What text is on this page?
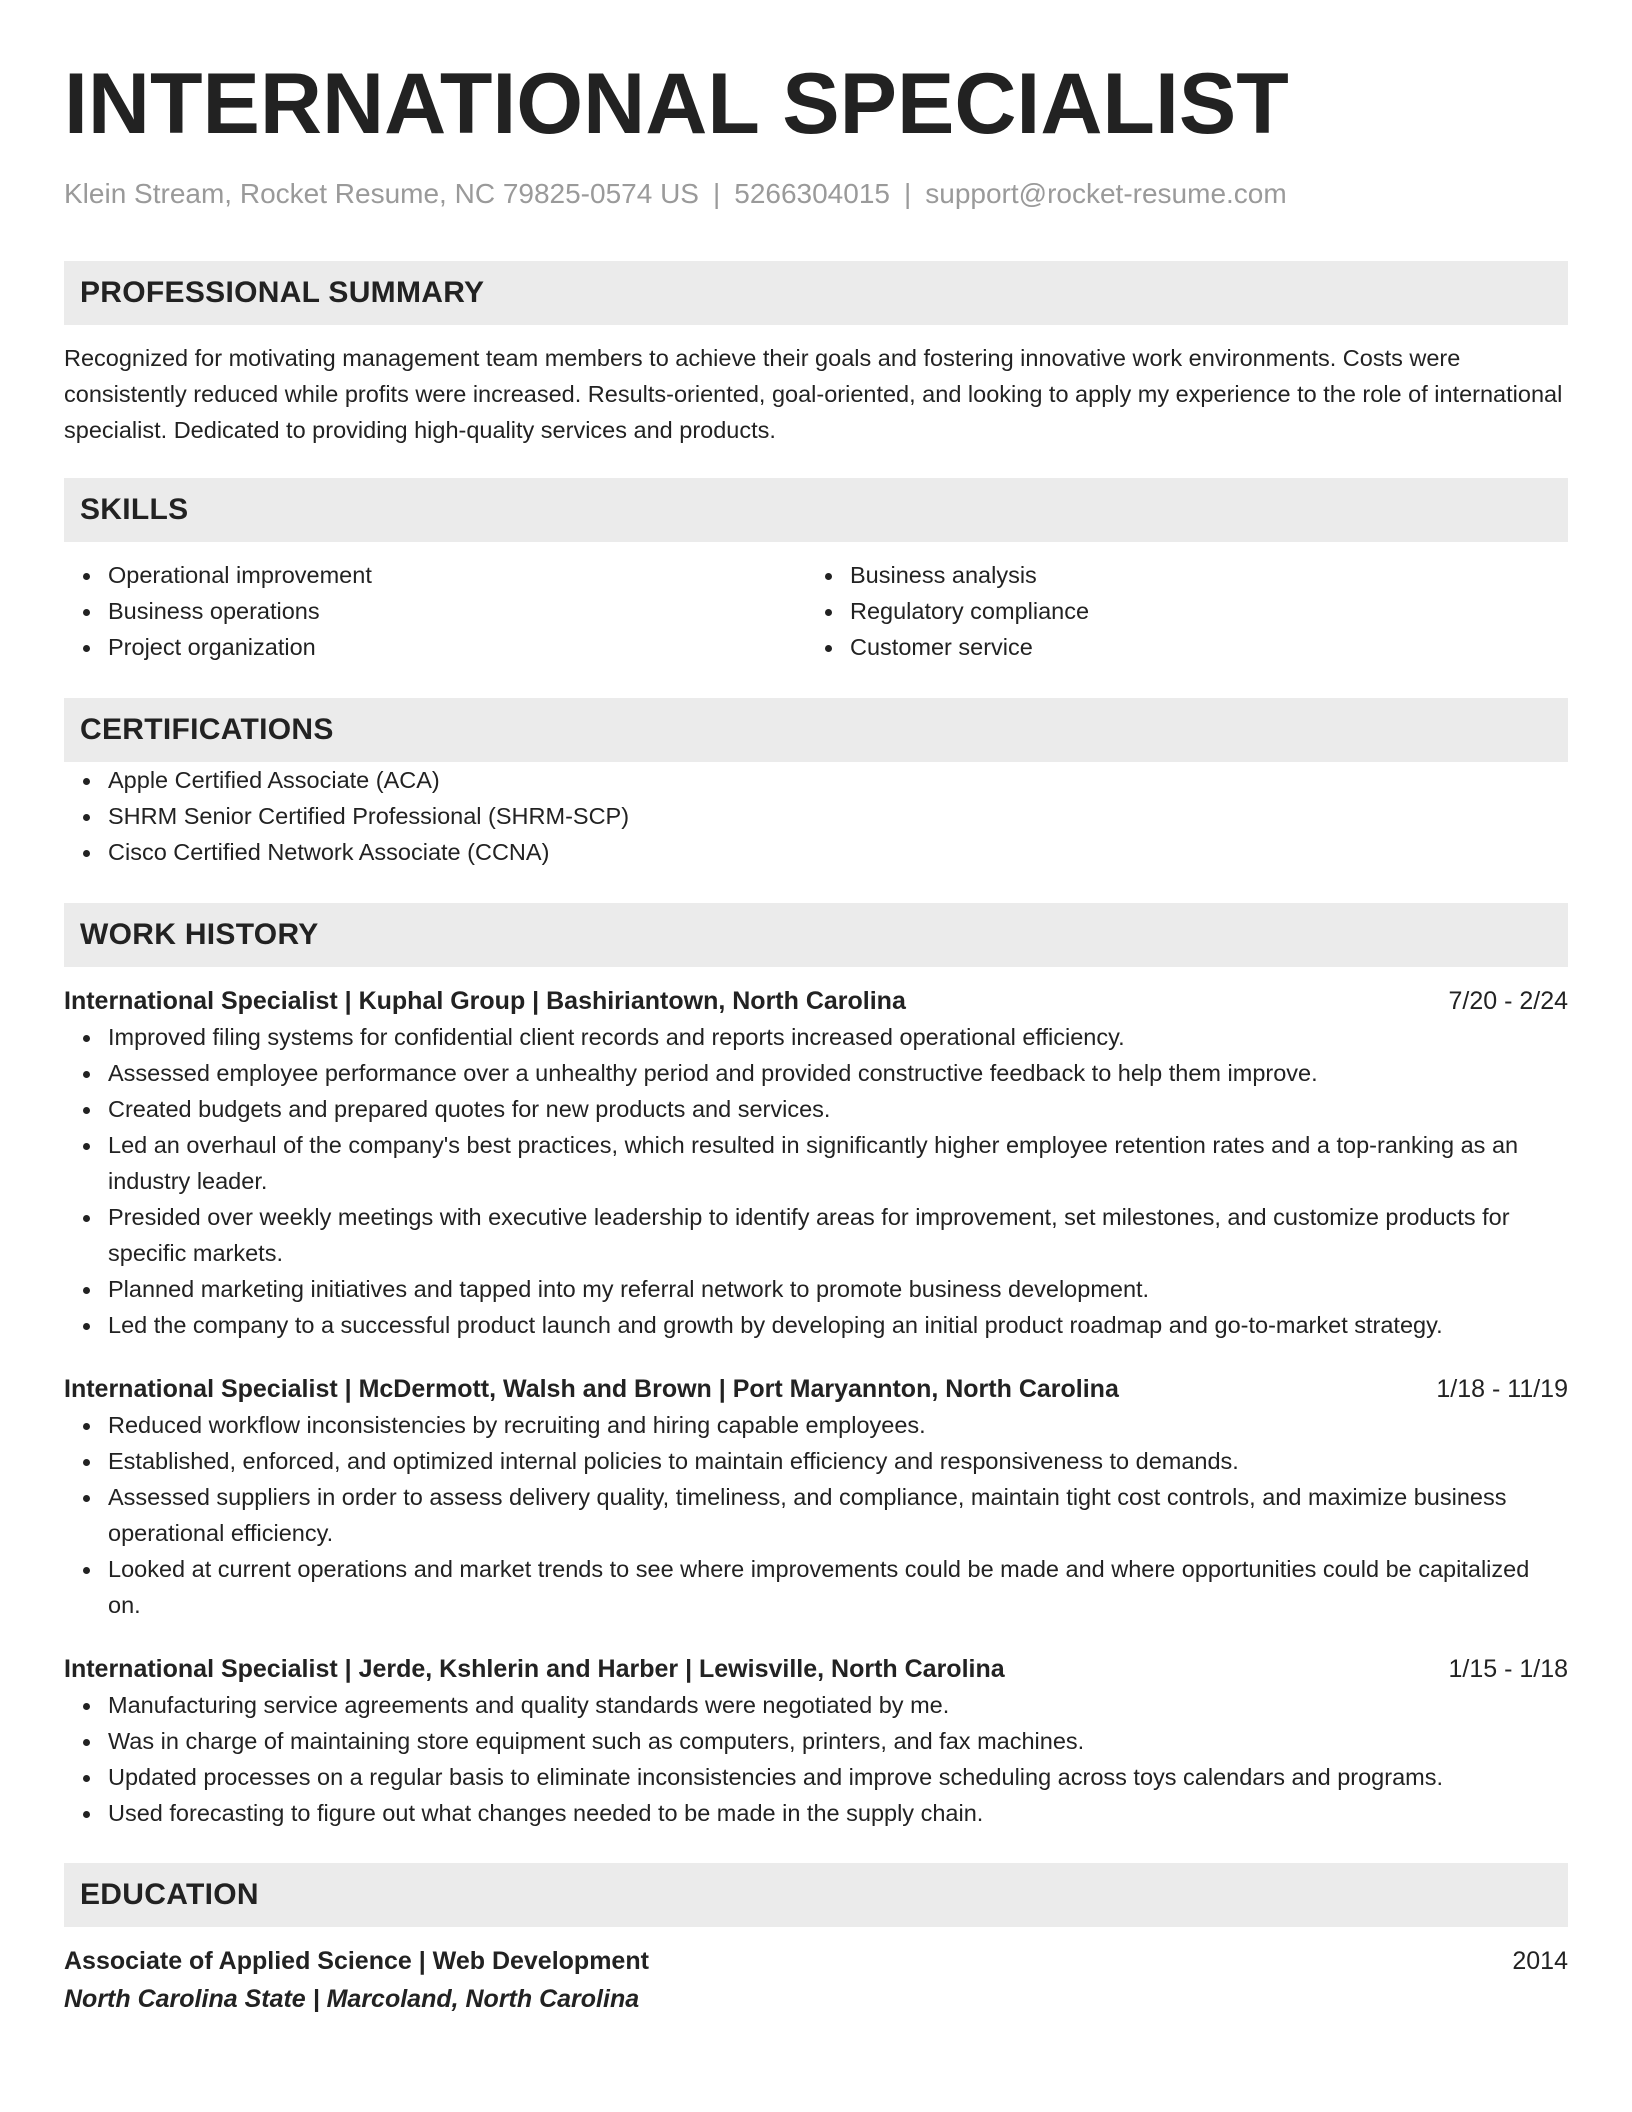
INTERNATIONAL SPECIALIST
Klein Stream, Rocket Resume, NC 79825-0574 US | 5266304015 | support@rocket-resume.com
PROFESSIONAL SUMMARY

Recognized for motivating management team members to achieve their goals and fostering innovative work environments. Costs were consistently reduced while profits were increased. Results-oriented, goal-oriented, and looking to apply my experience to the role of international specialist. Dedicated to providing high-quality services and products.

SKILLS
Operational improvement
Business operations
Project organization
Business analysis
Regulatory compliance
Customer service
CERTIFICATIONS
Apple Certified Associate (ACA)
SHRM Senior Certified Professional (SHRM-SCP)
Cisco Certified Network Associate (CCNA)
WORK HISTORY
International Specialist | Kuphal Group | Bashiriantown, North Carolina	7/20 - 2/24
Improved filing systems for confidential client records and reports increased operational efficiency.
Assessed employee performance over a unhealthy period and provided constructive feedback to help them improve.
Created budgets and prepared quotes for new products and services.
Led an overhaul of the company's best practices, which resulted in significantly higher employee retention rates and a top-ranking as an industry leader.
Presided over weekly meetings with executive leadership to identify areas for improvement, set milestones, and customize products for specific markets.
Planned marketing initiatives and tapped into my referral network to promote business development.
Led the company to a successful product launch and growth by developing an initial product roadmap and go-to-market strategy.
International Specialist | McDermott, Walsh and Brown | Port Maryannton, North Carolina	1/18 - 11/19
Reduced workflow inconsistencies by recruiting and hiring capable employees.
Established, enforced, and optimized internal policies to maintain efficiency and responsiveness to demands.
Assessed suppliers in order to assess delivery quality, timeliness, and compliance, maintain tight cost controls, and maximize business operational efficiency.
Looked at current operations and market trends to see where improvements could be made and where opportunities could be capitalized on.
International Specialist | Jerde, Kshlerin and Harber | Lewisville, North Carolina	1/15 - 1/18
Manufacturing service agreements and quality standards were negotiated by me.
Was in charge of maintaining store equipment such as computers, printers, and fax machines.
Updated processes on a regular basis to eliminate inconsistencies and improve scheduling across toys calendars and programs.
Used forecasting to figure out what changes needed to be made in the supply chain.
EDUCATION
Associate of Applied Science | Web Development	2014
North Carolina State | Marcoland, North Carolina
